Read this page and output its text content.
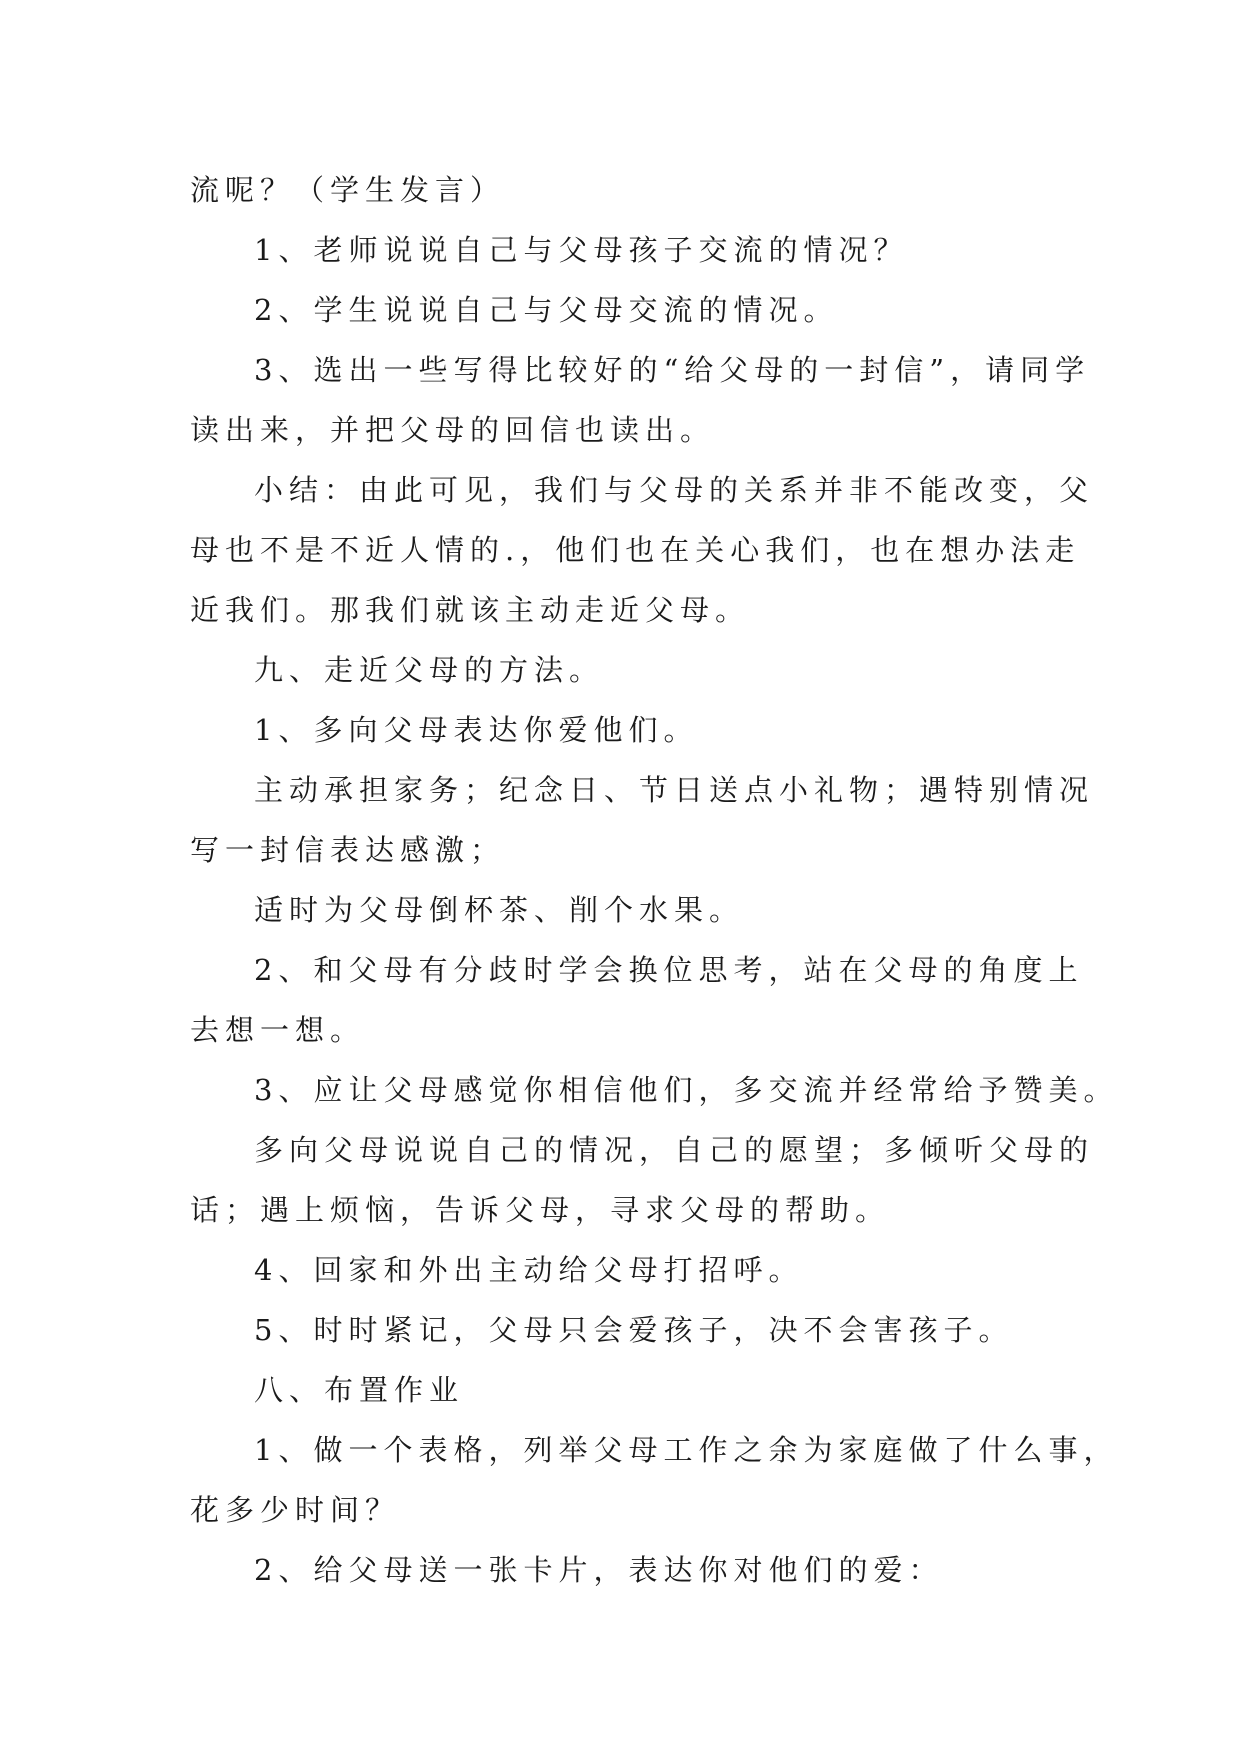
流呢？（学生发言）

1、老师说说自己与父母孩子交流的情况？

2、学生说说自己与父母交流的情况。

3、选出一些写得比较好的“给父母的一封信”，请同学

读出来，并把父母的回信也读出。

小结：由此可见，我们与父母的关系并非不能改变，父

母也不是不近人情的.，他们也在关心我们，也在想办法走

近我们。那我们就该主动走近父母。

九、走近父母的方法。

1、多向父母表达你爱他们。

主动承担家务；纪念日、节日送点小礼物；遇特别情况

写一封信表达感激；

适时为父母倒杯茶、削个水果。

2、和父母有分歧时学会换位思考，站在父母的角度上

去想一想。

3、应让父母感觉你相信他们，多交流并经常给予赞美。

多向父母说说自己的情况，自己的愿望；多倾听父母的

话；遇上烦恼，告诉父母，寻求父母的帮助。

4、回家和外出主动给父母打招呼。

5、时时紧记，父母只会爱孩子，决不会害孩子。

八、布置作业

1、做一个表格，列举父母工作之余为家庭做了什么事，

花多少时间？

2、给父母送一张卡片，表达你对他们的爱：
